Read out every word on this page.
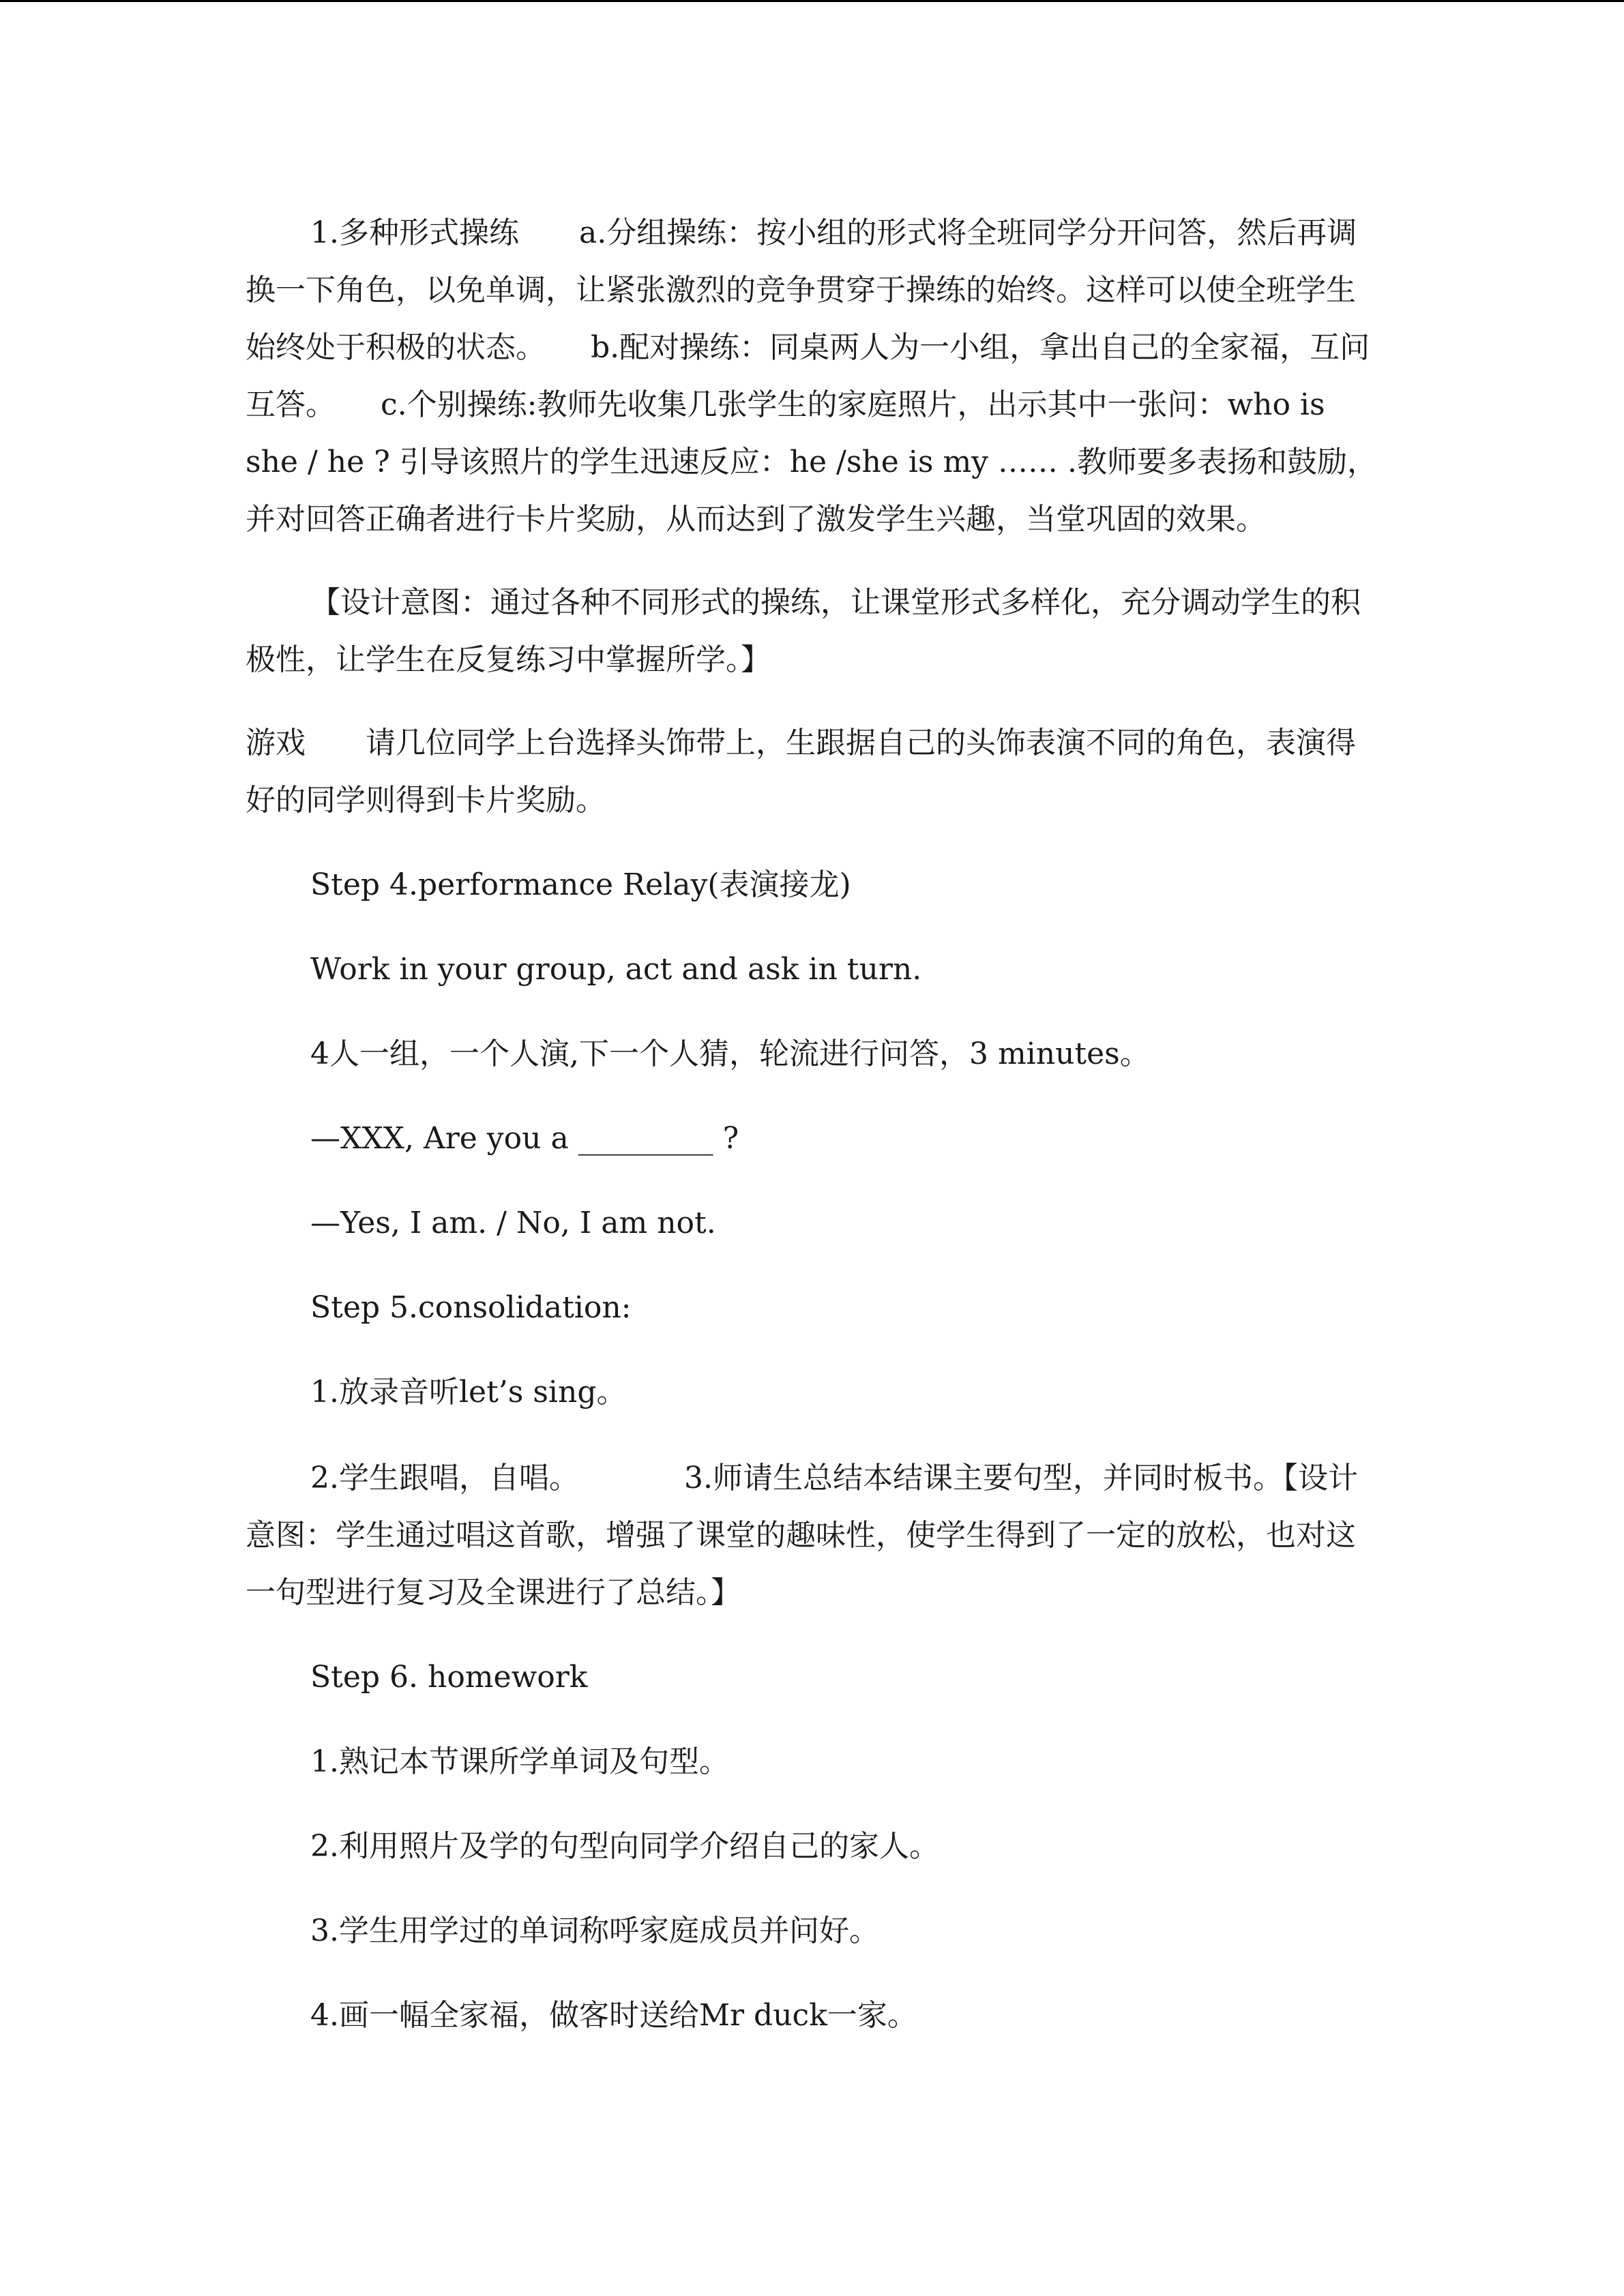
1.多种形式操练　　a.分组操练：按小组的形式将全班同学分开问答，然后再调换一下角色，以免单调，让紧张激烈的竞争贯穿于操练的始终。这样可以使全班学生始终处于积极的状态。　　b.配对操练：同桌两人为一小组，拿出自己的全家福，互问互答。　　c.个别操练:教师先收集几张学生的家庭照片，出示其中一张问：who is she / he ? 引导该照片的学生迅速反应：he /she is my …… .教师要多表扬和鼓励，并对回答正确者进行卡片奖励，从而达到了激发学生兴趣，当堂巩固的效果。

【设计意图：通过各种不同形式的操练，让课堂形式多样化，充分调动学生的积极性，让学生在反复练习中掌握所学。】

游戏　　请几位同学上台选择头饰带上，生跟据自己的头饰表演不同的角色，表演得好的同学则得到卡片奖励。

Step 4.performance Relay(表演接龙)

Work in your group, act and ask in turn.

4人一组，一个人演,下一个人猜，轮流进行问答，3 minutes。

—XXX, Are you a _________ ?

—Yes, I am. / No, I am not.

Step 5.consolidation:

1.放录音听let’s sing。

2.学生跟唱，自唱。　　　　3.师请生总结本结课主要句型，并同时板书。【设计意图：学生通过唱这首歌，增强了课堂的趣味性，使学生得到了一定的放松，也对这一句型进行复习及全课进行了总结。】

Step 6. homework

1.熟记本节课所学单词及句型。

2.利用照片及学的句型向同学介绍自己的家人。

3.学生用学过的单词称呼家庭成员并问好。

4.画一幅全家福，做客时送给Mr duck一家。
